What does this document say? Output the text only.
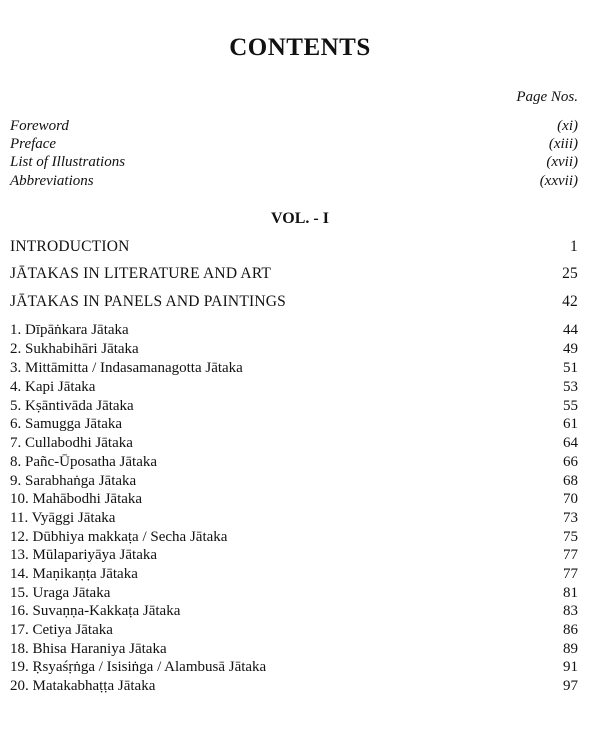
CONTENTS
Page Nos.
Foreword	(xi)
Preface	(xiii)
List of Illustrations	(xvii)
Abbreviations	(xxvii)
VOL. - I
INTRODUCTION	1
JĀTAKAS IN LITERATURE AND ART	25
JĀTAKAS IN PANELS AND PAINTINGS	42
1. Dīpāṅkara Jātaka	44
2. Sukhabihāri Jātaka	49
3. Mittāmitta / Indasamanagotta Jātaka	51
4. Kapi Jātaka	53
5. Kṣāntivāda Jātaka	55
6. Samugga Jātaka	61
7. Cullabodhi Jātaka	64
8. Pañc-Ūposatha Jātaka	66
9. Sarabhaṅga Jātaka	68
10. Mahābodhi Jātaka	70
11. Vyāggi Jātaka	73
12. Dūbhiya makkaṭa / Secha Jātaka	75
13. Mūlapariyāya Jātaka	77
14. Maṇikaṇṭa Jātaka	77
15. Uraga Jātaka	81
16. Suvaṇṇa-Kakkaṭa Jātaka	83
17. Cetiya Jātaka	86
18. Bhisa Haraniya Jātaka	89
19. Ṛsyaśṛṅga / Isisiṅga / Alambusā Jātaka	91
20. Matakabhaṭṭa Jātaka	97
